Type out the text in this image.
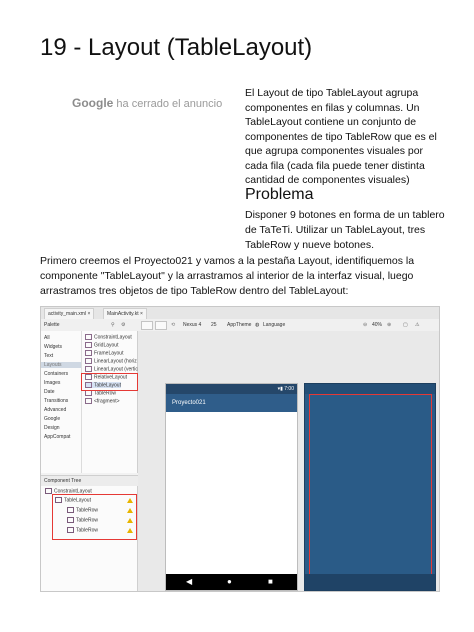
19 - Layout (TableLayout)
Google ha cerrado el anuncio
El Layout de tipo TableLayout agrupa componentes en filas y columnas. Un TableLayout contiene un conjunto de componentes de tipo TableRow que es el que agrupa componentes visuales por cada fila (cada fila puede tener distinta cantidad de componentes visuales)
Problema
Disponer 9 botones en forma de un tablero de TaTeTi. Utilizar un TableLayout, tres TableRow y nueve botones.
Primero creemos el Proyecto021 y vamos a la pestaña Layout, identifiquemos la componente "TableLayout" y la arrastramos al interior de la interfaz visual, luego arrastramos tres objetos de tipo TableRow dentro del TableLayout:
activity_main.xml ×	MainActivity.kt ×
Palette	⚲ ⚙	⟲ Nexus 4 25 AppTheme ◍ Language	⊖ 40% ⊕ ▢ ⚠
All
Widgets
Text
Layouts
Containers
Images
Date
Transitions
Advanced
Google
Design
AppCompat
ConstraintLayout
GridLayout
FrameLayout
LinearLayout (horiz
LinearLayout (vertic
RelativeLayout
TableLayout
TableRow
<fragment>
Component Tree
ConstraintLayout
TableLayout
TableRow
TableRow
TableRow
▾▮ 7:00
Proyecto021
◀	●	■
